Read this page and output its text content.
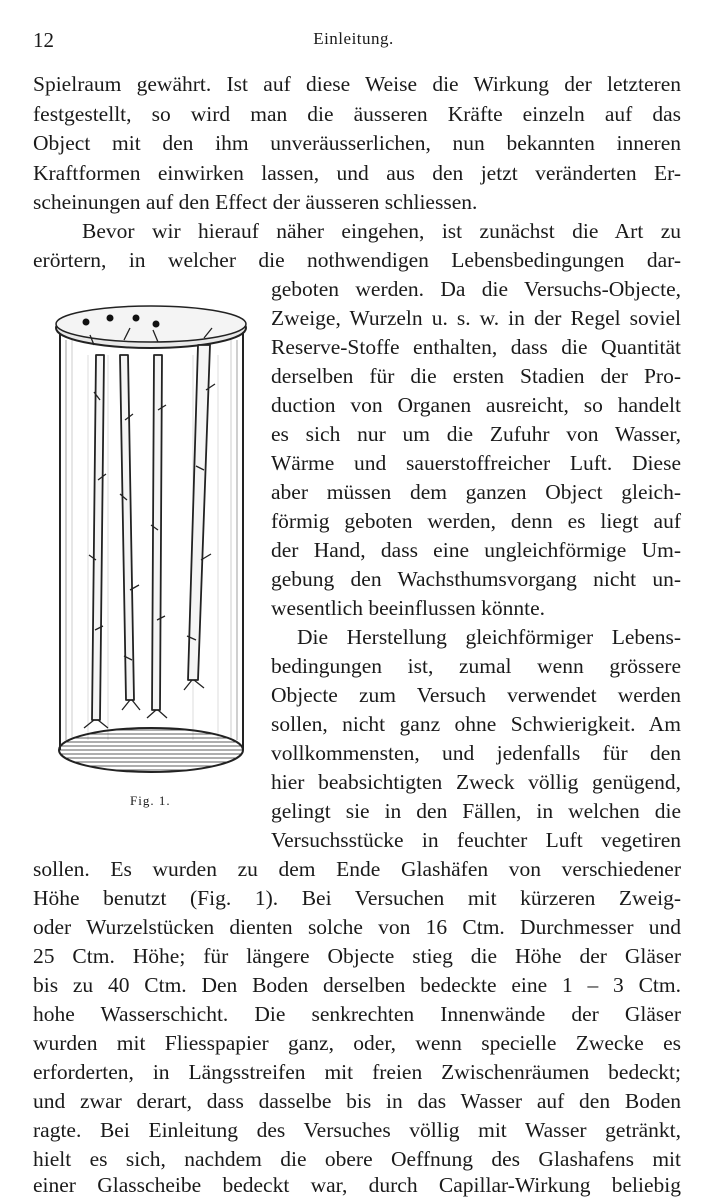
12	Einleitung.
Fig. 1.

Spielraum gewährt. Ist auf diese Weise die Wirkung der letzteren

festgestellt, so wird man die äusseren Kräfte einzeln auf das

Object mit den ihm unveräusserlichen, nun bekannten inneren

Kraftformen einwirken lassen, und aus den jetzt veränderten Er-

scheinungen auf den Effect der äusseren schliessen.

Bevor wir hierauf näher eingehen, ist zunächst die Art zu

erörtern, in welcher die nothwendigen Lebensbedingungen dar-

geboten werden. Da die Versuchs-Objecte,

Zweige, Wurzeln u. s. w. in der Regel soviel

Reserve-Stoffe enthalten, dass die Quantität

derselben für die ersten Stadien der Pro-

duction von Organen ausreicht, so handelt

es sich nur um die Zufuhr von Wasser,

Wärme und sauerstoffreicher Luft. Diese

aber müssen dem ganzen Object gleich-

förmig geboten werden, denn es liegt auf

der Hand, dass eine ungleichförmige Um-

gebung den Wachsthumsvorgang nicht un-

wesentlich beeinflussen könnte.

Die Herstellung gleichförmiger Lebens-

bedingungen ist, zumal wenn grössere

Objecte zum Versuch verwendet werden

sollen, nicht ganz ohne Schwierigkeit. Am

vollkommensten, und jedenfalls für den

hier beabsichtigten Zweck völlig genügend,

gelingt sie in den Fällen, in welchen die

Versuchsstücke in feuchter Luft vegetiren

sollen. Es wurden zu dem Ende Glashäfen von verschiedener

Höhe benutzt (Fig. 1). Bei Versuchen mit kürzeren Zweig-

oder Wurzelstücken dienten solche von 16 Ctm. Durchmesser und

25 Ctm. Höhe; für längere Objecte stieg die Höhe der Gläser

bis zu 40 Ctm. Den Boden derselben bedeckte eine 1 – 3 Ctm.

hohe Wasserschicht. Die senkrechten Innenwände der Gläser

wurden mit Fliesspapier ganz, oder, wenn specielle Zwecke es

erforderten, in Längsstreifen mit freien Zwischenräumen bedeckt;

und zwar derart, dass dasselbe bis in das Wasser auf den Boden

ragte. Bei Einleitung des Versuches völlig mit Wasser getränkt,

hielt es sich, nachdem die obere Oeffnung des Glashafens mit

einer Glasscheibe bedeckt war, durch Capillar-Wirkung beliebig
